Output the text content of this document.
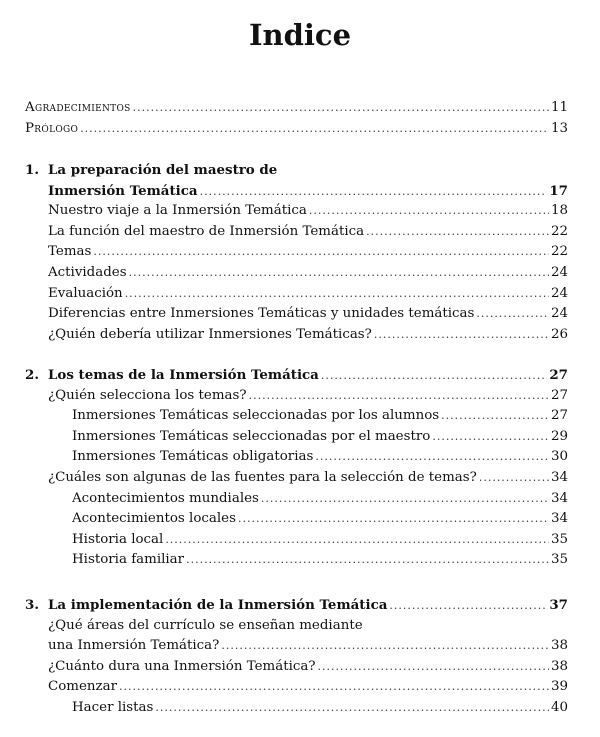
Indice
Agradecimientos .....	11
Prólogo .....	13
1. La preparación del maestro de
Inmersión Temática .....	17
Nuestro viaje a la Inmersión Temática .....	18
La función del maestro de Inmersión Temática .....	22
Temas .....	22
Actividades .....	24
Evaluación .....	24
Diferencias entre Inmersiones Temáticas y unidades temáticas .....	24
¿Quién debería utilizar Inmersiones Temáticas? .....	26
2. Los temas de la Inmersión Temática .....	27
¿Quién selecciona los temas? .....	27
Inmersiones Temáticas seleccionadas por los alumnos .....	27
Inmersiones Temáticas seleccionadas por el maestro .....	29
Inmersiones Temáticas obligatorias .....	30
¿Cuáles son algunas de las fuentes para la selección de temas? .....	34
Acontecimientos mundiales .....	34
Acontecimientos locales .....	34
Historia local .....	35
Historia familiar .....	35
3. La implementación de la Inmersión Temática .....	37
¿Qué áreas del currículo se enseñan mediante
una Inmersión Temática? .....	38
¿Cuánto dura una Inmersión Temática? .....	38
Comenzar .....	39
Hacer listas .....	40
